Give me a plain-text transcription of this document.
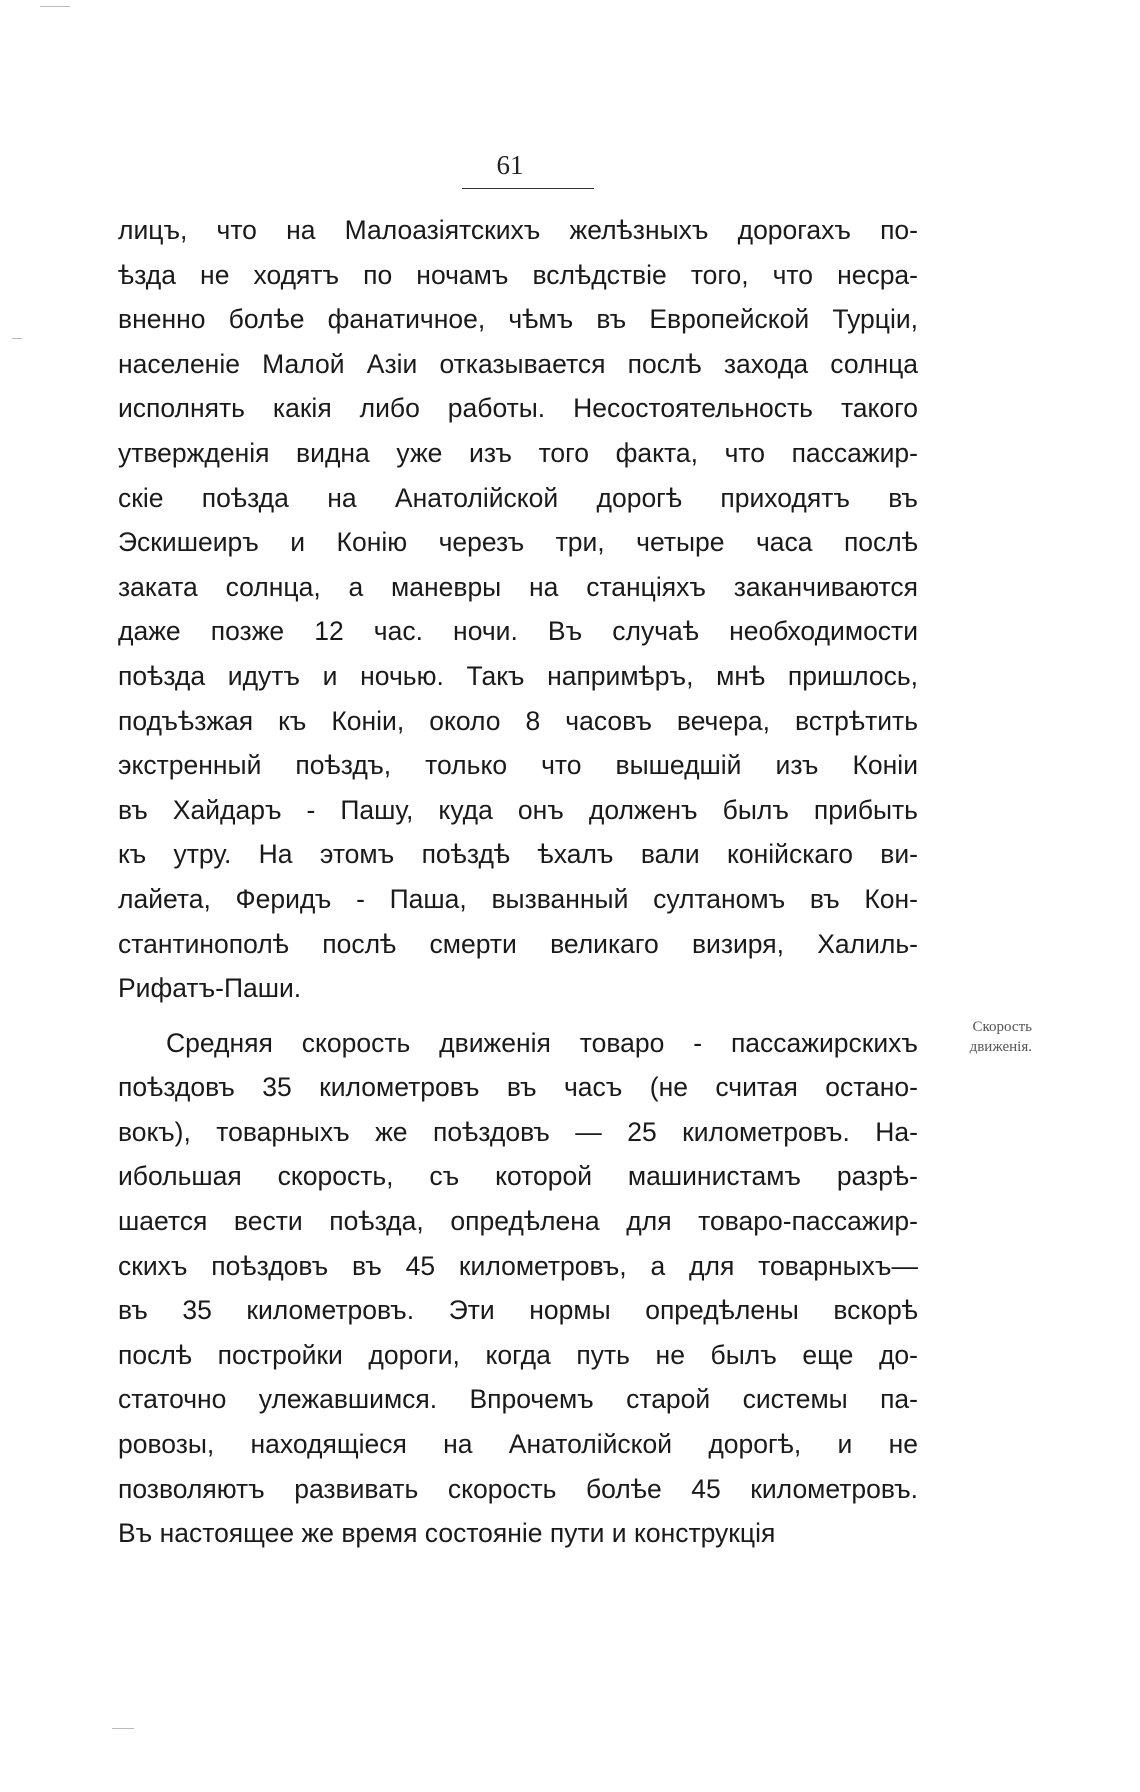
61
лицъ, что на Малоазіятскихъ желѣзныхъ дорогахъ по-
ѣзда не ходятъ по ночамъ вслѣдствіе того, что несра-
вненно болѣе фанатичное, чѣмъ въ Европейской Турціи,
населеніе Малой Азіи отказывается послѣ захода солнца
исполнять какія либо работы. Несостоятельность такого
утвержденія видна уже изъ того факта, что пассажир-
скіе поѣзда на Анатолійской дорогѣ приходятъ въ
Эскишеиръ и Конію черезъ три, четыре часа послѣ
заката солнца, а маневры на станціяхъ заканчиваются
даже позже 12 час. ночи. Въ случаѣ необходимости
поѣзда идутъ и ночью. Такъ напримѣръ, мнѣ пришлось,
подъѣзжая къ Коніи, около 8 часовъ вечера, встрѣтить
экстренный поѣздъ, только что вышедшій изъ Коніи
въ Хайдаръ - Пашу, куда онъ долженъ былъ прибыть
къ утру. На этомъ поѣздѣ ѣхалъ вали конійскаго ви-
лайета, Феридъ - Паша, вызванный султаномъ въ Кон-
стантинополѣ послѣ смерти великаго визиря, Халиль-
Рифатъ-Паши.
Средняя скорость движенія товаро - пассажирскихъ
поѣздовъ 35 километровъ въ часъ (не считая остано-
вокъ), товарныхъ же поѣздовъ — 25 километровъ. На-
ибольшая скорость, съ которой машинистамъ разрѣ-
шается вести поѣзда, опредѣлена для товаро-пассажир-
скихъ поѣздовъ въ 45 километровъ, а для товарныхъ—
въ 35 километровъ. Эти нормы опредѣлены вскорѣ
послѣ постройки дороги, когда путь не былъ еще до-
статочно улежавшимся. Впрочемъ старой системы па-
ровозы, находящіеся на Анатолійской дорогѣ, и не
позволяютъ развивать скорость болѣе 45 километровъ.
Въ настоящее же время состояніе пути и конструкція
Скорость
движенія.
